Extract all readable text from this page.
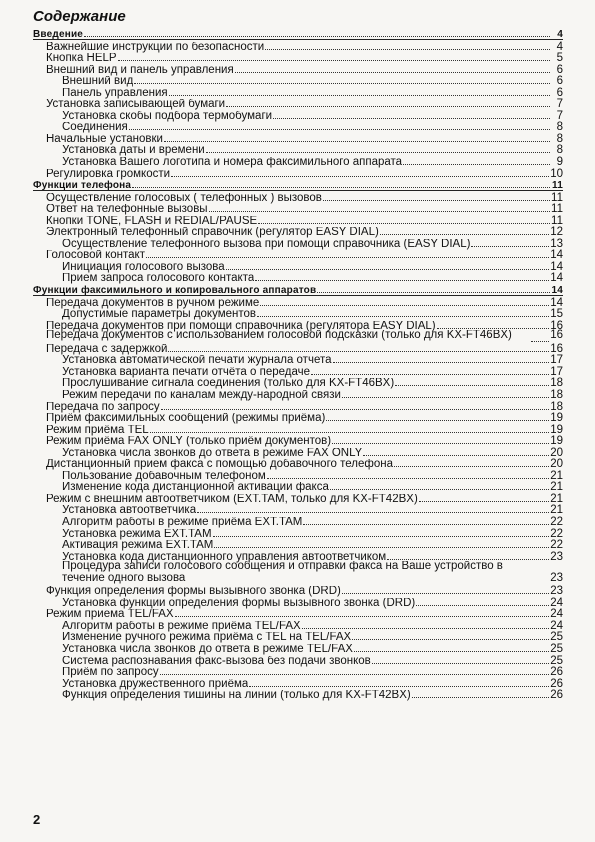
Содержание
Введение	4
Важнейшие инструкции по безопасности	4
Кнопка HELP	5
Внешний вид и панель управления	6
Внешний вид	6
Панель управления	6
Установка записывающей бумаги	7
Установка скобы подбора термобумаги	7
Соединения	8
Начальные установки	8
Установка даты и времени	8
Установка Вашего логотипа и номера факсимильного аппарата	9
Регулировка громкости	10
Функции телефона	11
Осуществление голосовых ( телефонных ) вызовов	11
Ответ на телефонные вызовы	11
Кнопки TONE, FLASH и REDIAL/PAUSE	11
Электронный телефонный справочник (регулятор EASY DIAL)	12
Осуществление телефонного вызова при помощи справочника (EASY DIAL)	13
Голосовой контакт	14
Инициация голосового вызова	14
Прием запроса голосового контакта	14
Функции факсимильного и копировального аппаратов	14
Передача документов в ручном режиме	14
Допустимые параметры документов	15
Передача документов при помощи справочника (регулятора EASY DIAL)	16
Передача документов с использованием голосовой подсказки (только для KX-FT46BX)	16
Передача с задержкой	16
Установка автоматической печати журнала отчета	17
Установка варианта печати отчёта о передаче	17
Прослушивание сигнала соединения (только для KX-FT46BX)	18
Режим передачи по каналам между-народной связи	18
Передача по запросу	18
Приём факсимильных сообщений (режимы приёма)	19
Режим приёма TEL	19
Режим приёма FAX ONLY (только приём документов)	19
Установка числа звонков до ответа в режиме FAX ONLY	20
Дистанционный прием факса с помощью добавочного телефона	20
Пользование добавочным телефоном	21
Изменение кода дистанционной активации факса	21
Режим с внешним автоответчиком (EXT.TAM, только для KX-FT42BX)	21
Установка автоответчика	21
Алгоритм работы в режиме приёма EXT.TAM	22
Установка режима EXT.TAM	22
Активация режима EXT.TAM	22
Установка кода дистанционного управления автоответчиком	23
Процедура записи голосового сообщения и отправки факса на Ваше устройство в течение одного вызова	23
Функция определения формы вызывного звонка (DRD)	23
Установка функции определения формы вызывного звонка (DRD)	24
Режим приема TEL/FAX	24
Алгоритм работы в режиме приёма TEL/FAX	24
Изменение ручного режима приёма с TEL на TEL/FAX	25
Установка числа звонков до ответа в режиме TEL/FAX	25
Система распознавания факс-вызова без подачи звонков	25
Приём по запросу	26
Установка дружественного приёма	26
Функция определения тишины на линии (только для KX-FT42BX)	26

2
